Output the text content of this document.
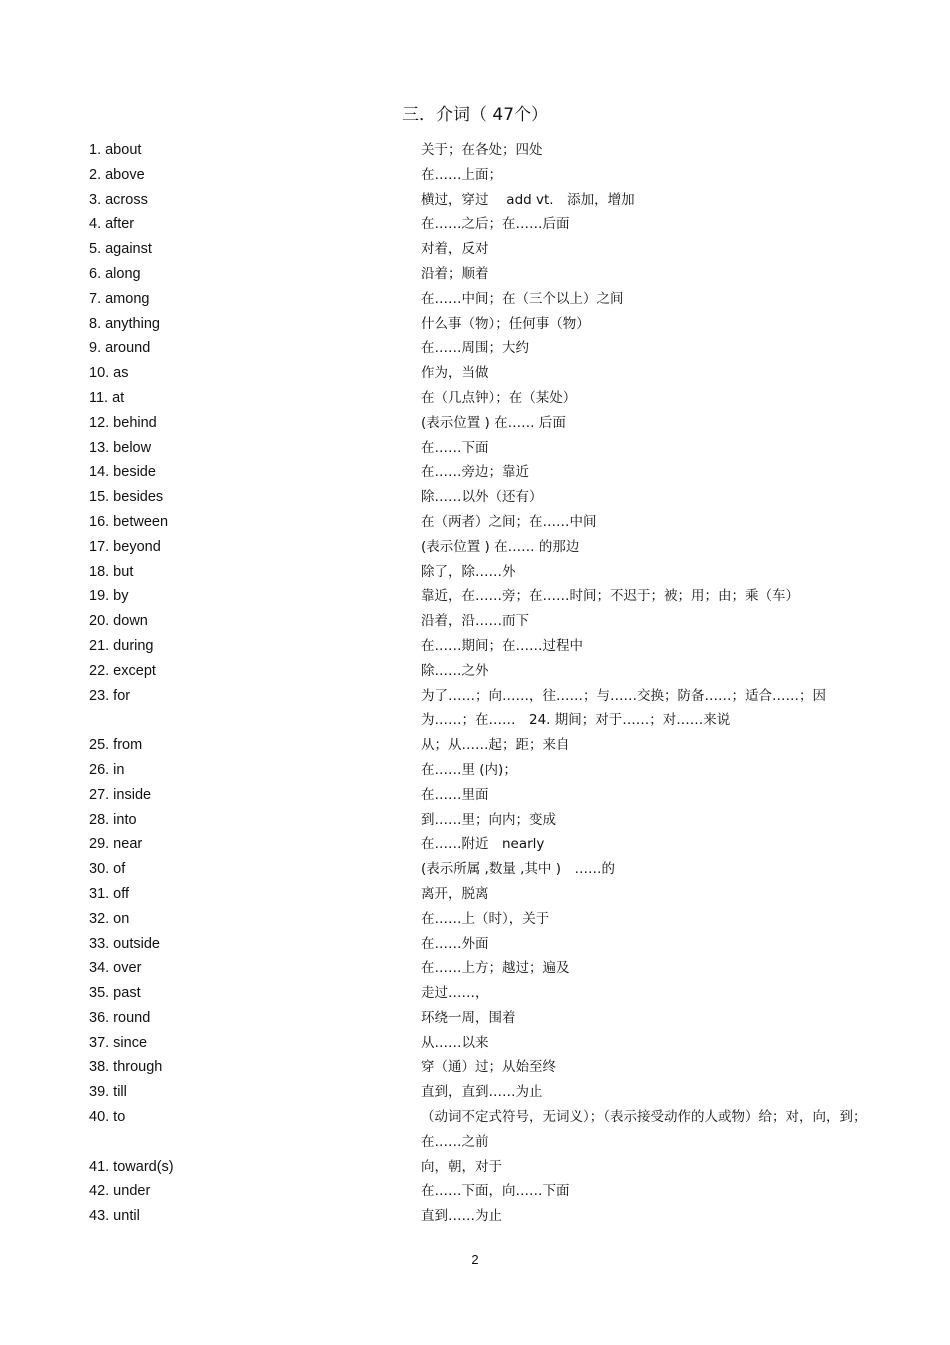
三．介词（ 47个）
1. about	关于；在各处；四处
2. above	在……上面；
3. across	横过，穿过　 add vt.　添加，增加
4. after	在……之后；在……后面
5. against	对着，反对
6. along	沿着；顺着
7. among	在……中间；在（三个以上）之间
8. anything	什么事（物）；任何事（物）
9. around	在……周围；大约
10. as	作为，当做
11. at	在（几点钟）；在（某处）
12. behind	(表示位置 ) 在…… 后面
13. below	在……下面
14. beside	在……旁边；靠近
15. besides	除……以外（还有）
16. between	在（两者）之间；在……中间
17. beyond	(表示位置 ) 在…… 的那边
18. but	除了，除……外
19. by	靠近，在……旁；在……时间；不迟于；被；用；由；乘（车）
20. down	沿着，沿……而下
21. during	在……期间；在……过程中
22. except	除……之外
23. for	为了……；向……，往……；与……交换；防备……；适合……；因为……；在……　24. 期间；对于……；对……来说
25. from	从；从……起；距；来自
26. in	在……里 (内)；
27. inside	在……里面
28. into	到……里；向内；变成
29. near	在……附近　nearly
30. of	(表示所属 ,数量 ,其中 )　……的
31. off	离开，脱离
32. on	在……上（时），关于
33. outside	在……外面
34. over	在……上方；越过；遍及
35. past	走过……，
36. round	环绕一周，围着
37. since	从……以来
38. through	穿（通）过；从始至终
39. till	直到，直到……为止
40. to	（动词不定式符号，无词义）；（表示接受动作的人或物）给；对，向，到；在……之前
41. toward(s)	向，朝，对于
42. under	在……下面，向……下面
43. until	直到……为止
2
